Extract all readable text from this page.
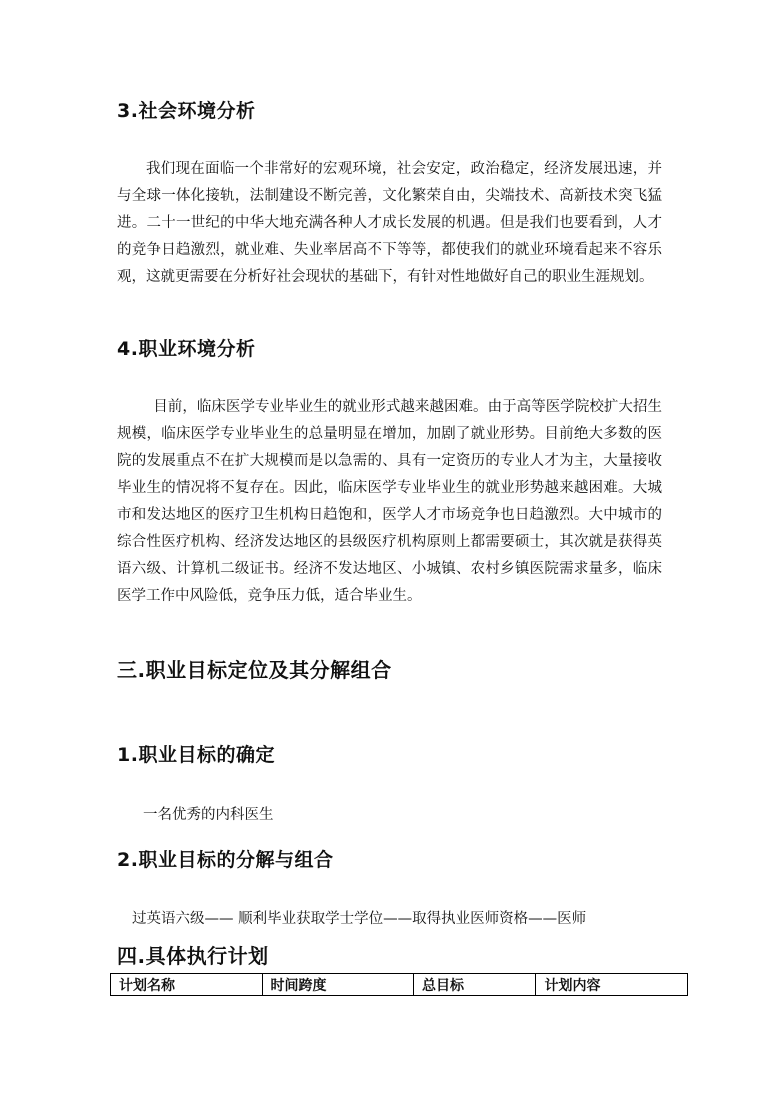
3.社会环境分析

我们现在面临一个非常好的宏观环境，社会安定，政治稳定，经济发展迅速，并与全球一体化接轨，法制建设不断完善，文化繁荣自由，尖端技术、高新技术突飞猛进。二十一世纪的中华大地充满各种人才成长发展的机遇。但是我们也要看到，人才的竞争日趋激烈，就业难、失业率居高不下等等，都使我们的就业环境看起来不容乐观，这就更需要在分析好社会现状的基础下，有针对性地做好自己的职业生涯规划。

4.职业环境分析

目前，临床医学专业毕业生的就业形式越来越困难。由于高等医学院校扩大招生规模，临床医学专业毕业生的总量明显在增加，加剧了就业形势。目前绝大多数的医院的发展重点不在扩大规模而是以急需的、具有一定资历的专业人才为主，大量接收毕业生的情况将不复存在。因此，临床医学专业毕业生的就业形势越来越困难。大城市和发达地区的医疗卫生机构日趋饱和，医学人才市场竞争也日趋激烈。大中城市的综合性医疗机构、经济发达地区的县级医疗机构原则上都需要硕士，其次就是获得英语六级、计算机二级证书。经济不发达地区、小城镇、农村乡镇医院需求量多，临床医学工作中风险低，竞争压力低，适合毕业生。

三.职业目标定位及其分解组合
1.职业目标的确定

一名优秀的内科医生

2.职业目标的分解与组合

过英语六级—— 顺利毕业获取学士学位——取得执业医师资格——医师

四.具体执行计划
计划名称	时间跨度	总目标	计划内容
